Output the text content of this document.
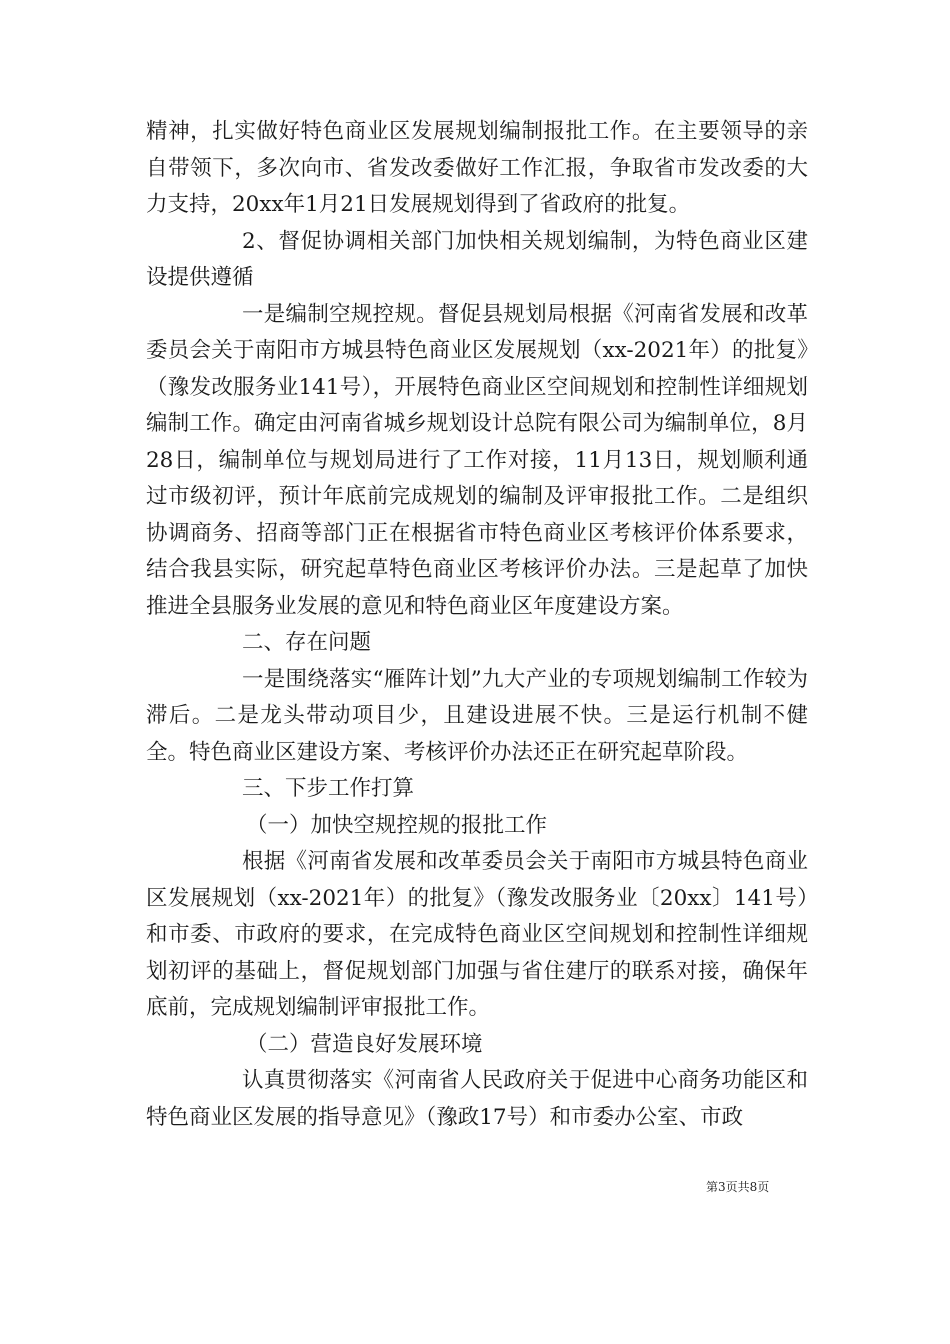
精神，扎实做好特色商业区发展规划编制报批工作。在主要领导的亲自带领下，多次向市、省发改委做好工作汇报，争取省市发改委的大力支持，20xx年1月21日发展规划得到了省政府的批复。

2、督促协调相关部门加快相关规划编制，为特色商业区建设提供遵循

一是编制空规控规。督促县规划局根据《河南省发展和改革委员会关于南阳市方城县特色商业区发展规划（xx-2021年）的批复》（豫发改服务业141号），开展特色商业区空间规划和控制性详细规划编制工作。确定由河南省城乡规划设计总院有限公司为编制单位，8月28日，编制单位与规划局进行了工作对接，11月13日，规划顺利通过市级初评，预计年底前完成规划的编制及评审报批工作。二是组织协调商务、招商等部门正在根据省市特色商业区考核评价体系要求，结合我县实际，研究起草特色商业区考核评价办法。三是起草了加快推进全县服务业发展的意见和特色商业区年度建设方案。

二、存在问题

一是围绕落实“雁阵计划”九大产业的专项规划编制工作较为滞后。二是龙头带动项目少，且建设进展不快。三是运行机制不健全。特色商业区建设方案、考核评价办法还正在研究起草阶段。

三、下步工作打算

（一）加快空规控规的报批工作

根据《河南省发展和改革委员会关于南阳市方城县特色商业区发展规划（xx-2021年）的批复》（豫发改服务业〔20xx〕141号）和市委、市政府的要求，在完成特色商业区空间规划和控制性详细规划初评的基础上，督促规划部门加强与省住建厅的联系对接，确保年底前，完成规划编制评审报批工作。

（二）营造良好发展环境

认真贯彻落实《河南省人民政府关于促进中心商务功能区和特色商业区发展的指导意见》（豫政17号）和市委办公室、市政

第3页共8页
